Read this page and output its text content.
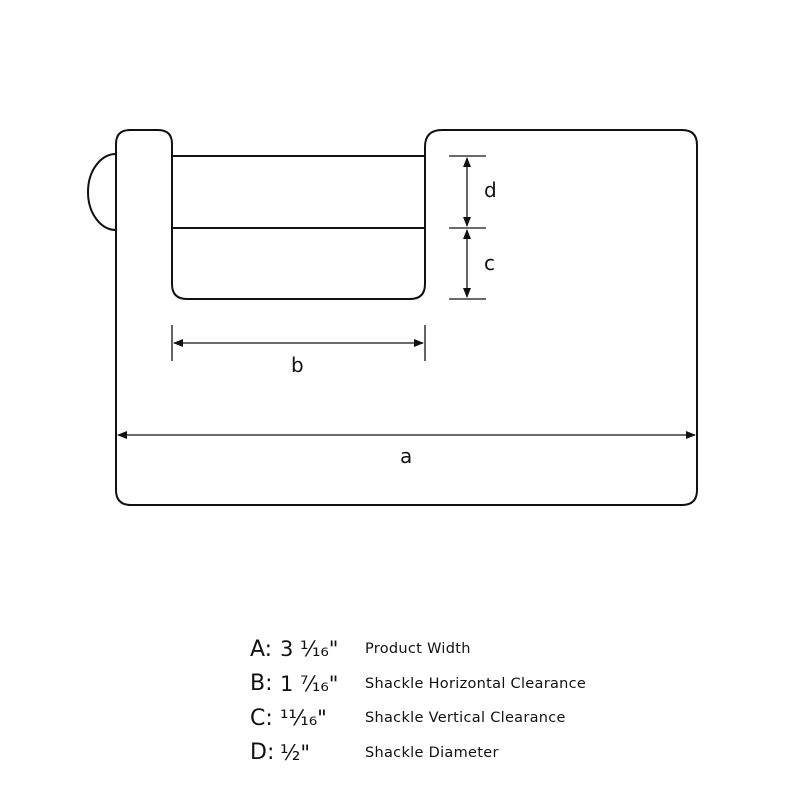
d
c
b
a
A: 3 ¹⁄₁₆"	Product Width
B: 1 ⁷⁄₁₆"	Shackle Horizontal Clearance
C: ¹¹⁄₁₆"	Shackle Vertical Clearance
D: ½"	Shackle Diameter
